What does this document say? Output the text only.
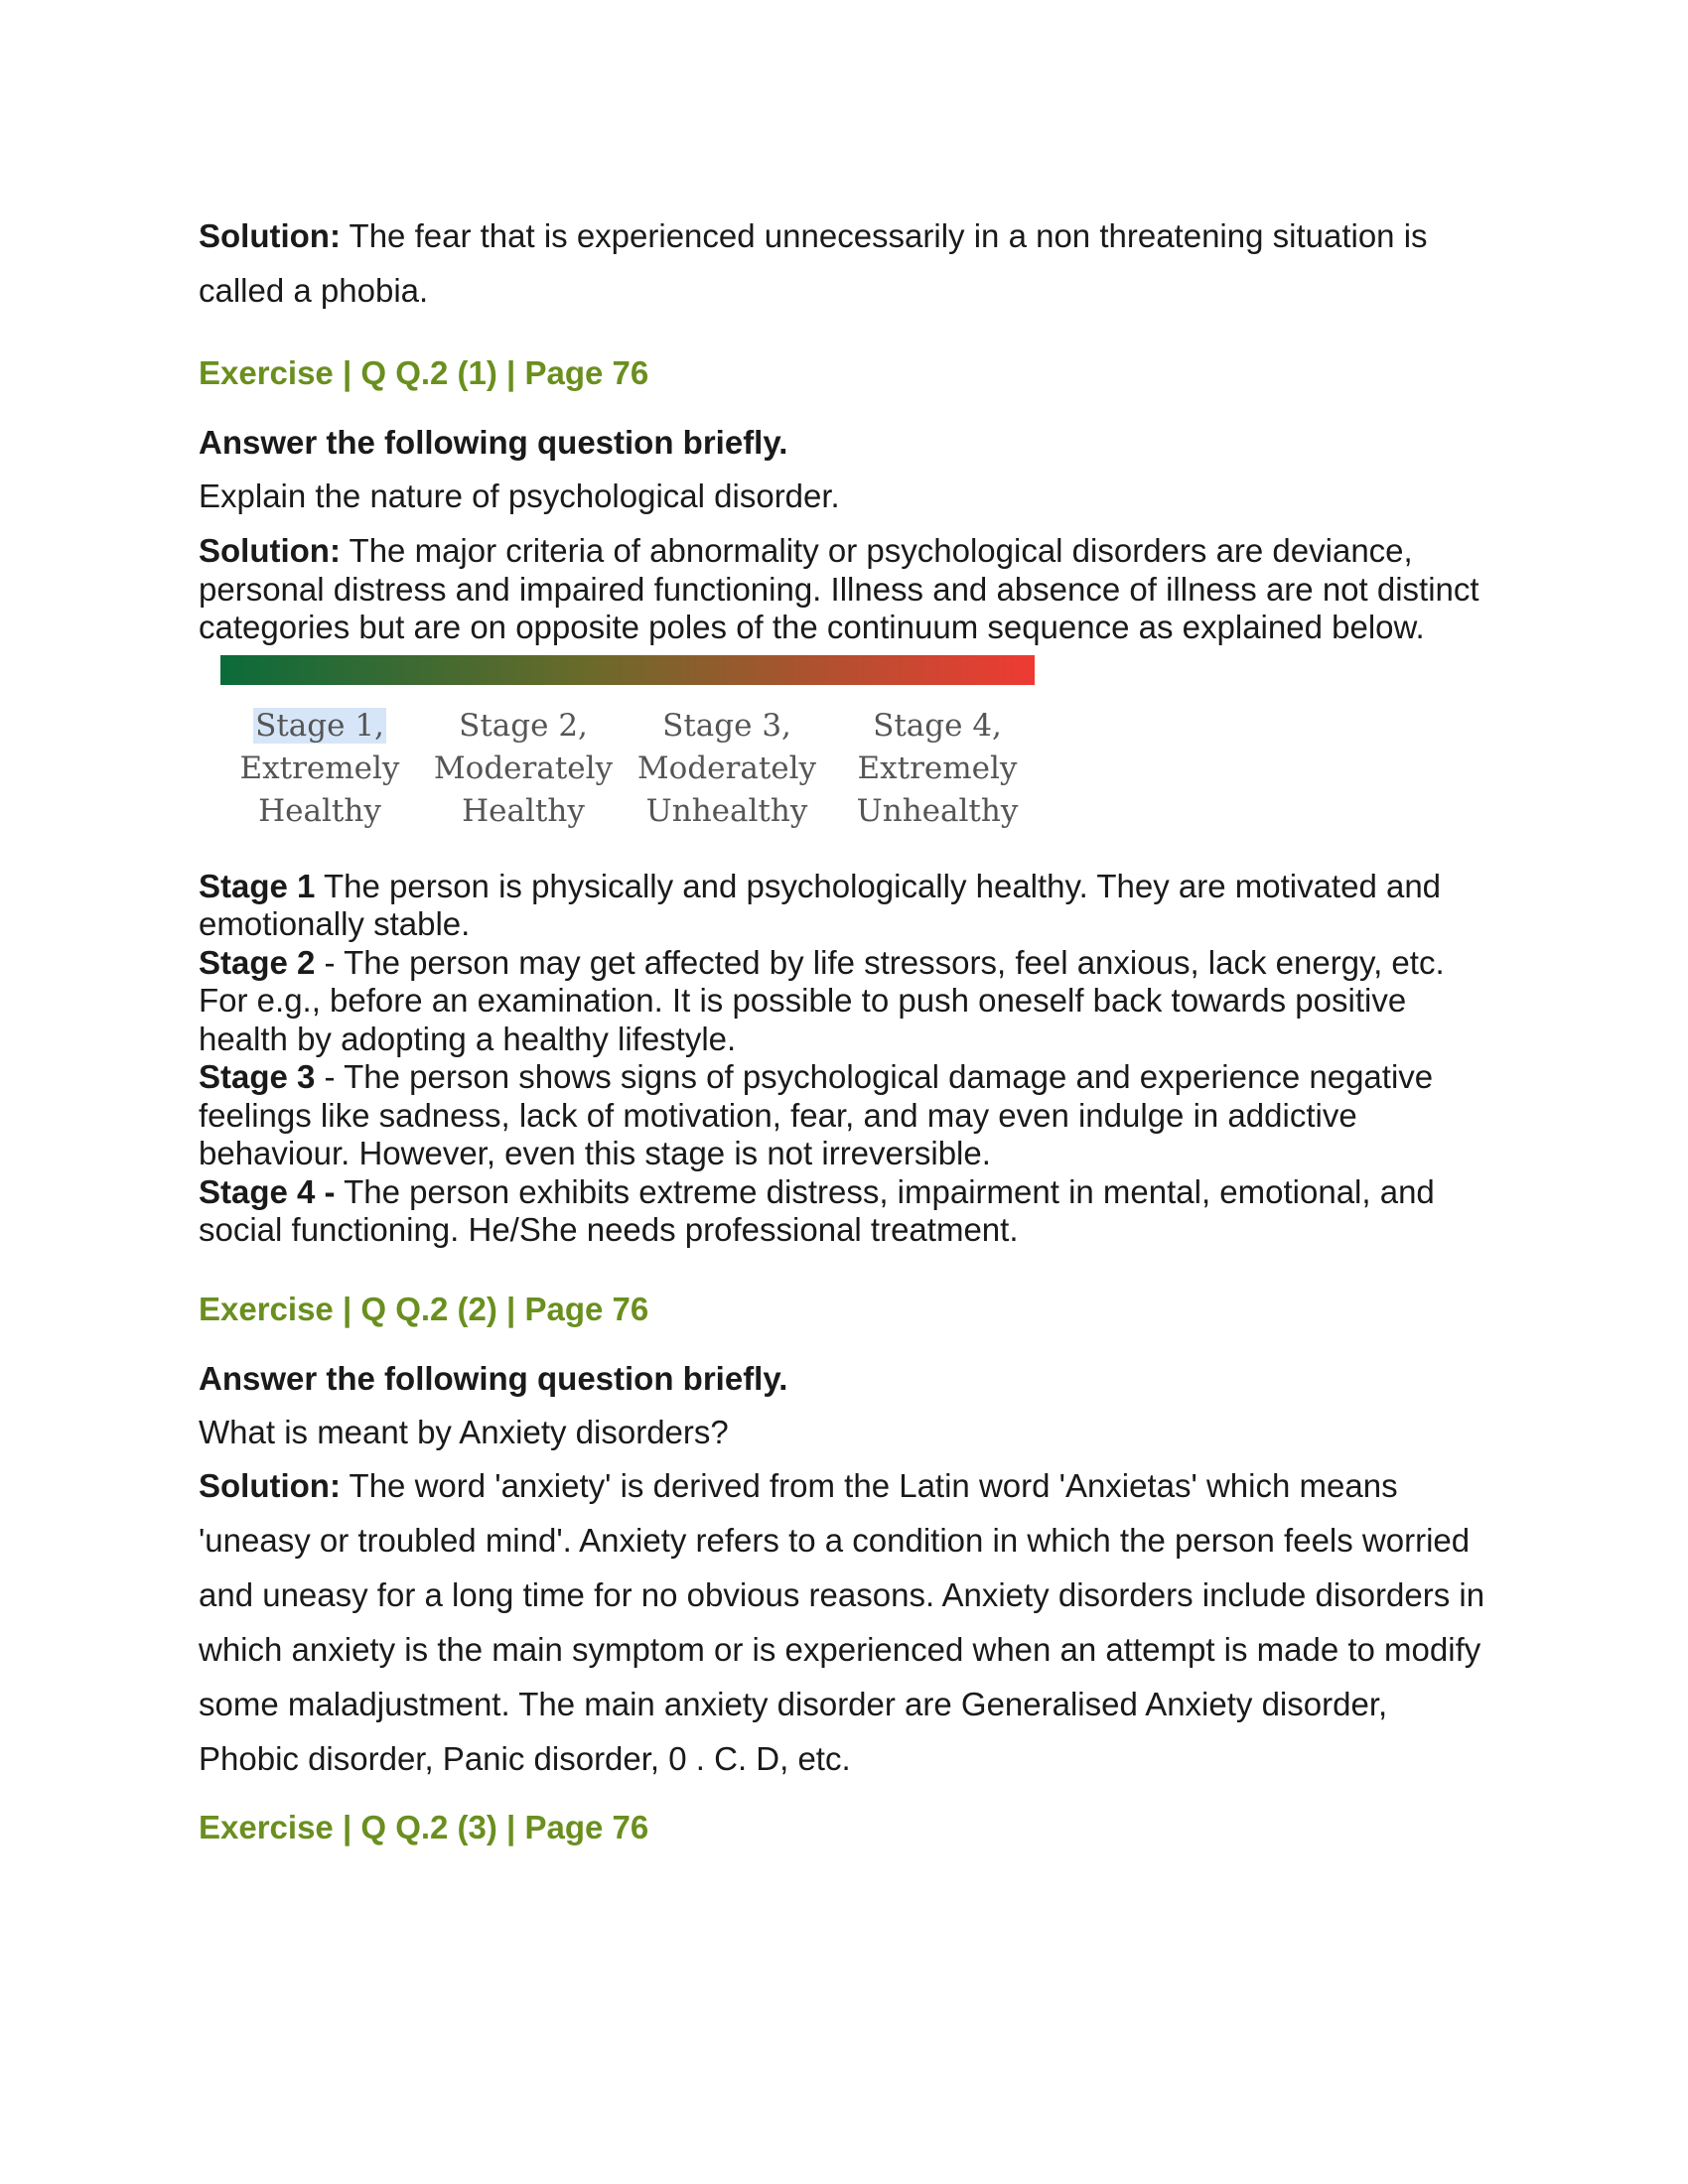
Solution: The fear that is experienced unnecessarily in a non threatening situation is called a phobia.

Exercise | Q Q.2 (1) | Page 76

Answer the following question briefly.

Explain the nature of psychological disorder.

Solution: The major criteria of abnormality or psychological disorders are deviance, personal distress and impaired functioning. Illness and absence of illness are not distinct categories but are on opposite poles of the continuum sequence as explained below.

Stage 1,
Extremely
Healthy
Stage 2,
Moderately
Healthy
Stage 3,
Moderately
Unhealthy
Stage 4,
Extremely
Unhealthy

Stage 1 The person is physically and psychologically healthy. They are motivated and emotionally stable.

Stage 2 - The person may get affected by life stressors, feel anxious, lack energy, etc. For e.g., before an examination. It is possible to push oneself back towards positive health by adopting a healthy lifestyle.

Stage 3 - The person shows signs of psychological damage and experience negative feelings like sadness, lack of motivation, fear, and may even indulge in addictive behaviour. However, even this stage is not irreversible.

Stage 4 - The person exhibits extreme distress, impairment in mental, emotional, and social functioning. He/She needs professional treatment.

Exercise | Q Q.2 (2) | Page 76

Answer the following question briefly.

What is meant by Anxiety disorders?

Solution: The word 'anxiety' is derived from the Latin word 'Anxietas' which means 'uneasy or troubled mind'. Anxiety refers to a condition in which the person feels worried and uneasy for a long time for no obvious reasons. Anxiety disorders include disorders in which anxiety is the main symptom or is experienced when an attempt is made to modify some maladjustment. The main anxiety disorder are Generalised Anxiety disorder, Phobic disorder, Panic disorder, 0 . C. D, etc.

Exercise | Q Q.2 (3) | Page 76
